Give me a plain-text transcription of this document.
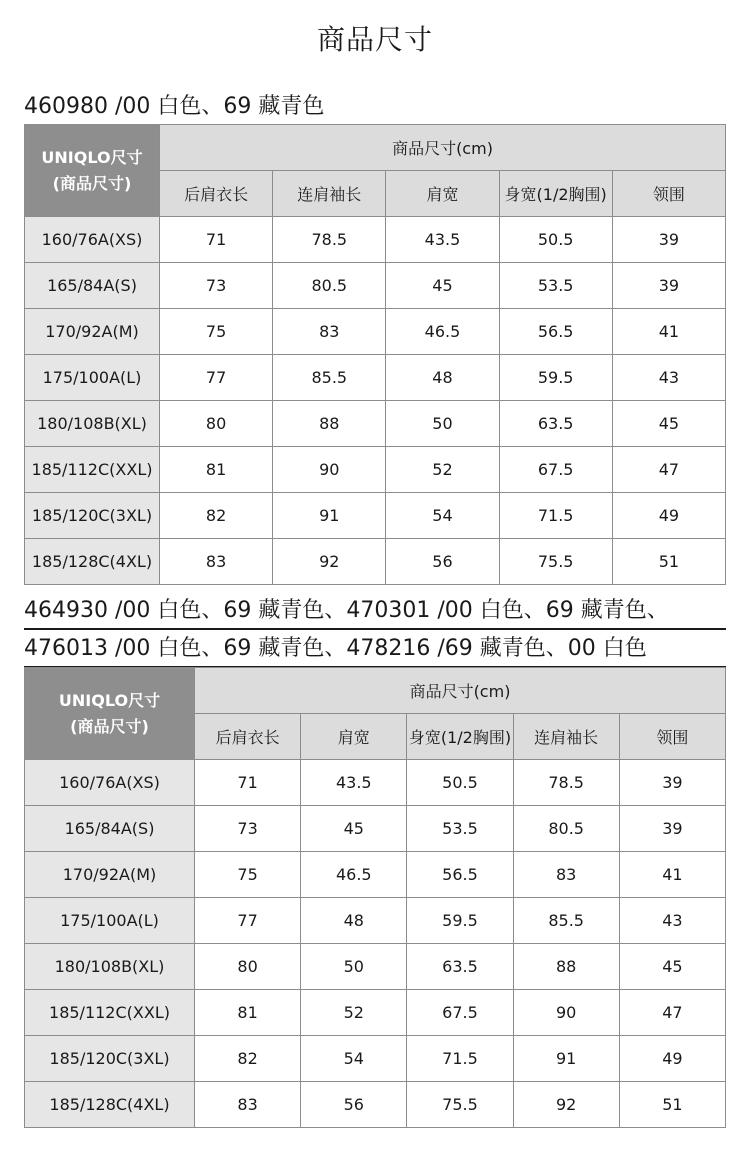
商品尺寸
460980 /00 白色、69 藏青色
UNIQLO尺寸
(商品尺寸)	商品尺寸(cm)				
	后肩衣长	连肩袖长	肩宽	身宽(1/2胸围)	领围
160/76A(XS)	71	78.5	43.5	50.5	39
165/84A(S)	73	80.5	45	53.5	39
170/92A(M)	75	83	46.5	56.5	41
175/100A(L)	77	85.5	48	59.5	43
180/108B(XL)	80	88	50	63.5	45
185/112C(XXL)	81	90	52	67.5	47
185/120C(3XL)	82	91	54	71.5	49
185/128C(4XL)	83	92	56	75.5	51
464930 /00 白色、69 藏青色、470301 /00 白色、69 藏青色、
476013 /00 白色、69 藏青色、478216 /69 藏青色、00 白色
UNIQLO尺寸
(商品尺寸)	商品尺寸(cm)				
	后肩衣长	肩宽	身宽(1/2胸围)	连肩袖长	领围
160/76A(XS)	71	43.5	50.5	78.5	39
165/84A(S)	73	45	53.5	80.5	39
170/92A(M)	75	46.5	56.5	83	41
175/100A(L)	77	48	59.5	85.5	43
180/108B(XL)	80	50	63.5	88	45
185/112C(XXL)	81	52	67.5	90	47
185/120C(3XL)	82	54	71.5	91	49
185/128C(4XL)	83	56	75.5	92	51
